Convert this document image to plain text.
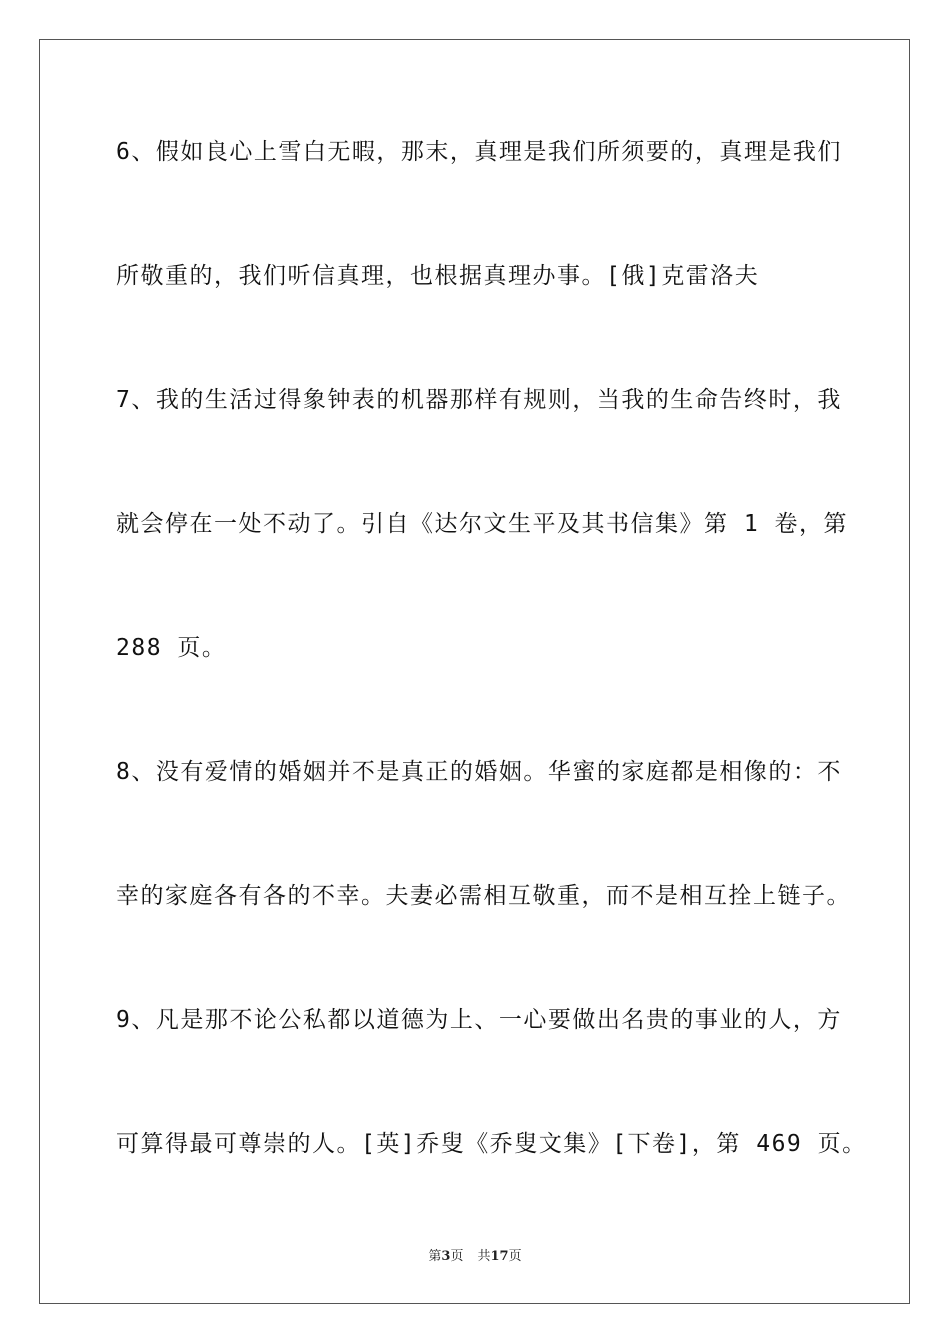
6、假如良心上雪白无暇，那末，真理是我们所须要的，真理是我们

所敬重的，我们听信真理，也根据真理办事。[俄]克雷洛夫

7、我的生活过得象钟表的机器那样有规则，当我的生命告终时，我

就会停在一处不动了。引自《达尔文生平及其书信集》第 1 卷，第

288 页。

8、没有爱情的婚姻并不是真正的婚姻。华蜜的家庭都是相像的：不

幸的家庭各有各的不幸。夫妻必需相互敬重，而不是相互拴上链子。

9、凡是那不论公私都以道德为上、一心要做出名贵的事业的人，方

可算得最可尊崇的人。[英]乔叟《乔叟文集》[下卷]，第 469 页。

第3页 共17页
